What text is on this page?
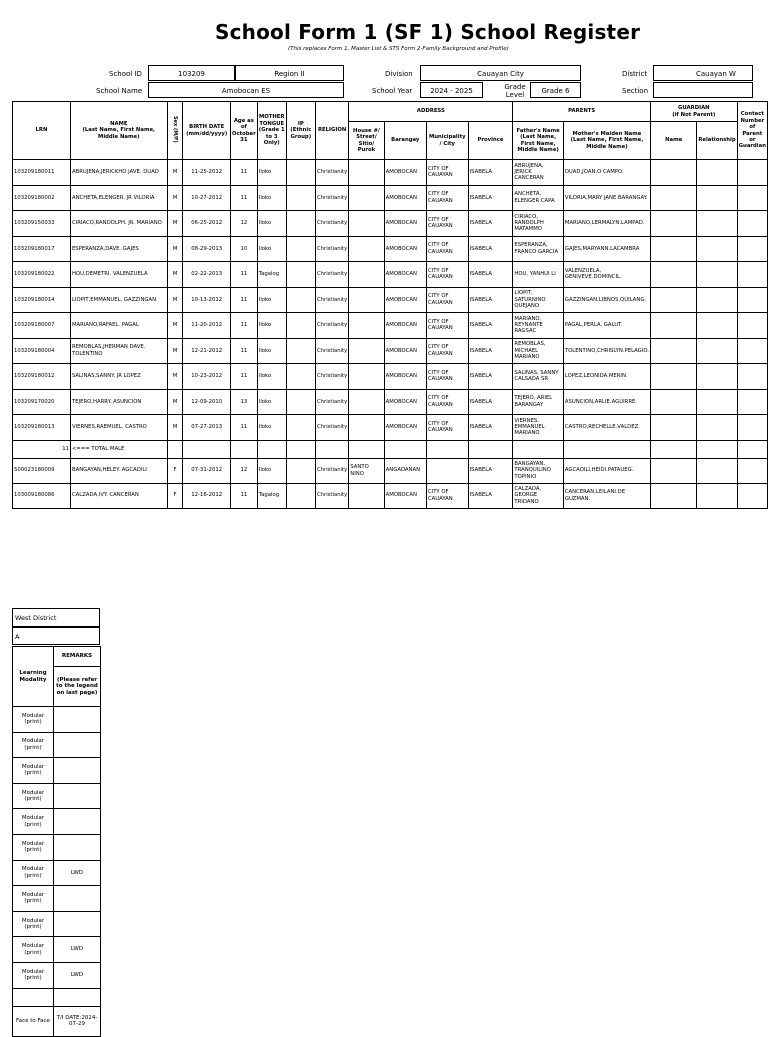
School Form 1 (SF 1) School Register
(This replaces Form 1, Master List & STS Form 2-Family Background and Profile)
School ID	103209	Region II	Division	Cauayan City	District	Cauayan W
School Name	Amobocan ES	School Year	2024 - 2025	Grade Level	Grade 6	Section
LRN	NAME
(Last Name, First Name, Middle Name)	Sex (M/F)	BIRTH DATE (mm/dd/yyyy)	Age as of October 31	MOTHER TONGUE (Grade 1 to 3 Only)	IP (Ethnic Group)	RELIGION	ADDRESS				PARENTS		GUARDIAN
(if Not Parent)		Contact Number of Parent or Guardian
								House #/ Street/ Sitio/ Purok	Barangay	Municipality / City	Province	Father's Name (Last Name, First Name, Middle Name)	Mother's Maiden Name (Last Name, First Name, Middle Name)	Name	Relationship	
103209180011	ABRUJENA,JERICKHO JAVE. DUAD	M	11-25-2012	11	Iloko		Christianity		AMOBOCAN	CITY OF CAUAYAN	ISABELA	ABRUJENA, JERICK CANCERAN	DUAD,JOAN.O CAMPO.			
103209180002	ANCHETA,ELENGER. JR VILORIA	M	10-27-2012	11	Iloko		Christianity		AMOBOCAN	CITY OF CAUAYAN	ISABELA	ANCHETA, ELENGER CAPA	VILORIA,MARY JANE.BARANGAY.			
103209150033	CIRIACO,RANDOLPH. JR. MARIANO	M	06-25-2012	12	Iloko		Christianity		AMOBOCAN	CITY OF CAUAYAN	ISABELA	CIRIACO, RANDOLPH MATAMMO	MARIANO,LERMALYN.LAMPAD.			
103209180017	ESPERANZA,DAVE. GAJES	M	08-29-2013	10	Iloko		Christianity		AMOBOCAN	CITY OF CAUAYAN	ISABELA	ESPERANZA, FRANCO GARCIA	GAJES,MARYANN.LACAMBRA			
103209180022	HOU,DEMETRI. VALENZUELA	M	02-22-2013	11	Tagalog		Christianity		AMOBOCAN	CITY OF CAUAYAN	ISABELA	HOU, YANHUI LI	VALENZUELA, GENIVEVE.DOMINCIL.			
103209180014	LIOPIT,EMMANUEL. GAZZINGAN	M	10-13-2012	11	Iloko		Christianity		AMOBOCAN	CITY OF CAUAYAN	ISABELA	LIOPIT, SATURNINO QUEJANO	GAZZINGAN,LIBNOS.QUILANG.			
103209180007	MARIANO,RAFAEL. PAGAL	M	11-20-2012	11	Iloko		Christianity		AMOBOCAN	CITY OF CAUAYAN	ISABELA	MARIANO, REYNANTE RAGSAC	PAGAL,PERLA. GALUT.			
103209180004	REMOBLAS,JHERMAN DAVE. TOLENTINO	M	12-21-2012	11	Iloko		Christianity		AMOBOCAN	CITY OF CAUAYAN	ISABELA	REMOBLAS, MICHAEL MARIANO	TOLENTINO,CHRISLYN.PELAGIO.			
103209180012	SALINAS,SANNY. JR LOPEZ	M	10-23-2012	11	Iloko		Christianity		AMOBOCAN	CITY OF CAUAYAN	ISABELA	SALINAS, SANNY CALSADA SR	LOPEZ,LEONIDA.MERIN.			
103209170020	TEJERO,HARRY. ASUNCION	M	12-09-2010	13	Iloko		Christianity		AMOBOCAN	CITY OF CAUAYAN	ISABELA	TEJERO, ARIEL BARANGAY	ASUNCION,ARLIE.AGUIRRE.			
103209180013	VIERNES,RAEMUEL. CASTRO	M	07-27-2013	11	Iloko		Christianity		AMOBOCAN	CITY OF CAUAYAN	ISABELA	VIERNES, EMMANUEL MARIANO	CASTRO,RECHELLE.VALDEZ.			
11	<=== TOTAL MALE															
500023180009	BANGAYAN,HELEY. AGCAOILI	F	07-31-2012	12	Iloko		Christianity	SANTO NINO	ANGADANAN		ISABELA	BANGAYAN, TRANQUILINO TOPINIO	AGCAOILI,HEIDI.PATAUEG.			
103009180086	CALZADA,IVY. CANCERAN	F	12-16-2012	11	Tagalog		Christianity		AMOBOCAN	CITY OF CAUAYAN	ISABELA	CALZADA, GEORGE TRIDANO	CANCERAN,LEILANI.DE GUZMAN.			
West District
A
Learning Modality	REMARKS
	(Please refer to the legend on last page)
Modular (print)	
Modular (print)	
Modular (print)	
Modular (print)	
Modular (print)	
Modular (print)	
Modular (print)	LWD
Modular (print)	
Modular (print)	
Modular (print)	LWD
Modular (print)	LWD

Face to Face	T/I DATE:2024-07-29
